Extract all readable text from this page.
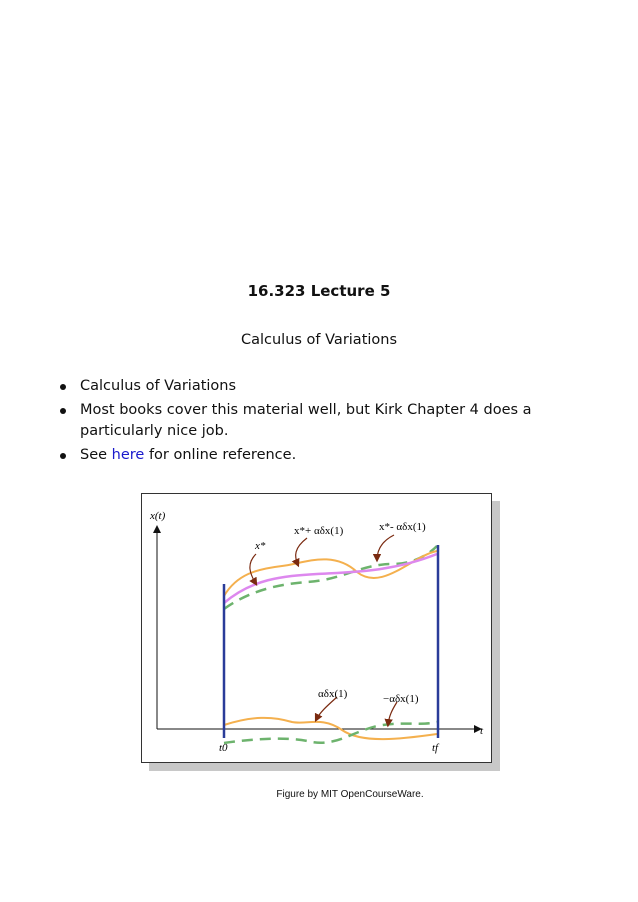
16.323 Lecture 5
Calculus of Variations
Calculus of Variations
Most books cover this material well, but Kirk Chapter 4 does a particularly nice job.
See here for online reference.
x(t)
t
t0	tf
x*
x*+ αδx(1)	x*- αδx(1)
αδx(1)	−αδx(1)
Figure by MIT OpenCourseWare.
